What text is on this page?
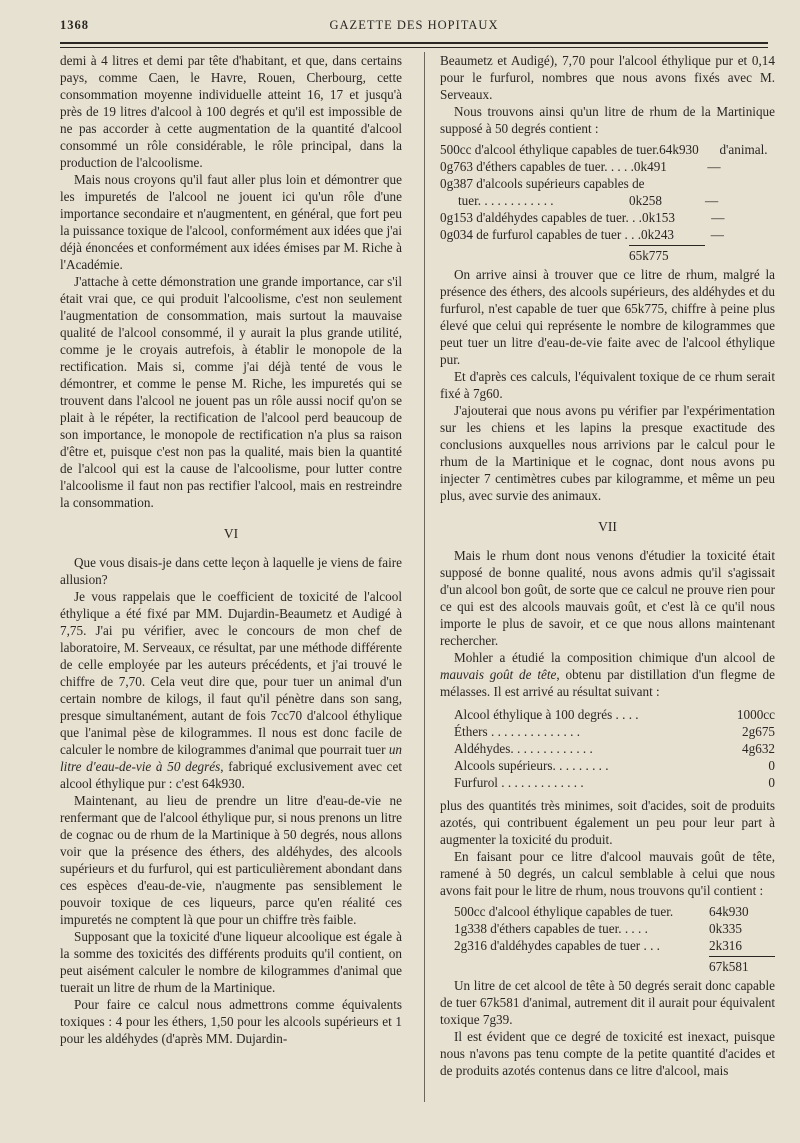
1368	GAZETTE DES HOPITAUX

demi à 4 litres et demi par tête d'habitant, et que, dans certains pays, comme Caen, le Havre, Rouen, Cherbourg, cette consommation moyenne individuelle atteint 16, 17 et jusqu'à près de 19 litres d'alcool à 100 degrés et qu'il est impossible de ne pas accorder à cette augmentation de la quantité d'alcool consommé un rôle considérable, le rôle principal, dans la production de l'alcoolisme.

Mais nous croyons qu'il faut aller plus loin et démontrer que les impuretés de l'alcool ne jouent ici qu'un rôle d'une importance secondaire et n'augmentent, en général, que fort peu la puissance toxique de l'alcool, conformément aux idées que j'ai déjà énoncées et conformément aux idées émises par M. Riche à l'Académie.

J'attache à cette démonstration une grande importance, car s'il était vrai que, ce qui produit l'alcoolisme, c'est non seulement l'augmentation de consommation, mais surtout la mauvaise qualité de l'alcool consommé, il y aurait la plus grande utilité, comme je le croyais autrefois, à établir le monopole de la rectification. Mais si, comme j'ai déjà tenté de vous le démontrer, et comme le pense M. Riche, les impuretés qui se trouvent dans l'alcool ne jouent pas un rôle aussi nocif qu'on se plait à le répéter, la rectification de l'alcool perd beaucoup de son importance, le monopole de rectification n'a plus sa raison d'être et, puisque c'est non pas la qualité, mais bien la quantité de l'alcool qui est la cause de l'alcoolisme, pour lutter contre l'alcoolisme il faut non pas rectifier l'alcool, mais en restreindre la consommation.

VI

Que vous disais-je dans cette leçon à laquelle je viens de faire allusion?

Je vous rappelais que le coefficient de toxicité de l'alcool éthylique a été fixé par MM. Dujardin-Beaumetz et Audigé à 7,75. J'ai pu vérifier, avec le concours de mon chef de laboratoire, M. Serveaux, ce résultat, par une méthode différente de celle employée par les auteurs précédents, et j'ai trouvé le chiffre de 7,70. Cela veut dire que, pour tuer un animal d'un certain nombre de kilogs, il faut qu'il pénètre dans son sang, presque simultanément, autant de fois 7cc70 d'alcool éthylique que l'animal pèse de kilogrammes. Il nous est donc facile de calculer le nombre de kilogrammes d'animal que pourrait tuer un litre d'eau-de-vie à 50 degrés, fabriqué exclusivement avec cet alcool éthylique pur : c'est 64k930.

Maintenant, au lieu de prendre un litre d'eau-de-vie ne renfermant que de l'alcool éthylique pur, si nous prenons un litre de cognac ou de rhum de la Martinique à 50 degrés, nous allons voir que la présence des éthers, des aldéhydes, des alcools supérieurs et du furfurol, qui est particulièrement abondant dans ces espèces d'eau-de-vie, n'augmente pas sensiblement le pouvoir toxique de ces liqueurs, parce qu'en réalité ces impuretés ne comptent là que pour un chiffre très faible.

Supposant que la toxicité d'une liqueur alcoolique est égale à la somme des toxicités des différents produits qu'il contient, on peut aisément calculer le nombre de kilogrammes d'animal que tuerait un litre de rhum de la Martinique.

Pour faire ce calcul nous admettrons comme équivalents toxiques : 4 pour les éthers, 1,50 pour les alcools supérieurs et 1 pour les aldéhydes (d'après MM. Dujardin-

Beaumetz et Audigé), 7,70 pour l'alcool éthylique pur et 0,14 pour le furfurol, nombres que nous avons fixés avec M. Serveaux.

Nous trouvons ainsi qu'un litre de rhum de la Martinique supposé à 50 degrés contient :

500cc d'alcool éthylique capables de tuer. 64k930	d'animal.
0g763 d'éthers capables de tuer. . . . . 0k491	—
0g387 d'alcools supérieurs capables de
tuer. . . . . . . . . . . .	0k258	—
0g153 d'aldéhydes capables de tuer. . . 0k153	—
0g034 de furfurol capables de tuer . . . 0k243	—
65k775

On arrive ainsi à trouver que ce litre de rhum, malgré la présence des éthers, des alcools supérieurs, des aldéhydes et du furfurol, n'est capable de tuer que 65k775, chiffre à peine plus élevé que celui qui représente le nombre de kilogrammes que peut tuer un litre d'eau-de-vie faite avec de l'alcool éthylique pur.

Et d'après ces calculs, l'équivalent toxique de ce rhum serait fixé à 7g60.

J'ajouterai que nous avons pu vérifier par l'expérimentation sur les chiens et les lapins la presque exactitude des conclusions auxquelles nous arrivions par le calcul pour le rhum de la Martinique et le cognac, dont nous avons pu injecter 7 centimètres cubes par kilogramme, et même un peu plus, avec survie des animaux.

VII

Mais le rhum dont nous venons d'étudier la toxicité était supposé de bonne qualité, nous avons admis qu'il s'agissait d'un alcool bon goût, de sorte que ce calcul ne prouve rien pour ce qui est des alcools mauvais goût, et c'est là ce qu'il nous importe le plus de savoir, et ce que nous allons maintenant rechercher.

Mohler a étudié la composition chimique d'un alcool de mauvais goût de tête, obtenu par distillation d'un flegme de mélasses. Il est arrivé au résultat suivant :

Alcool éthylique à 100 degrés . . . .	1000cc
Éthers . . . . . . . . . . . . . .	2g675
Aldéhydes. . . . . . . . . . . . .	4g632
Alcools supérieurs. . . . . . . . .	0
Furfurol . . . . . . . . . . . . .	0

plus des quantités très minimes, soit d'acides, soit de produits azotés, qui contribuent également un peu pour leur part à augmenter la toxicité du produit.

En faisant pour ce litre d'alcool mauvais goût de tête, ramené à 50 degrés, un calcul semblable à celui que nous avons fait pour le litre de rhum, nous trouvons qu'il contient :

500cc d'alcool éthylique capables de tuer.	64k930
1g338 d'éthers capables de tuer. . . . .	0k335
2g316 d'aldéhydes capables de tuer . . .	2k316
67k581

Un litre de cet alcool de tête à 50 degrés serait donc capable de tuer 67k581 d'animal, autrement dit il aurait pour équivalent toxique 7g39.

Il est évident que ce degré de toxicité est inexact, puisque nous n'avons pas tenu compte de la petite quantité d'acides et de produits azotés contenus dans ce litre d'alcool, mais
